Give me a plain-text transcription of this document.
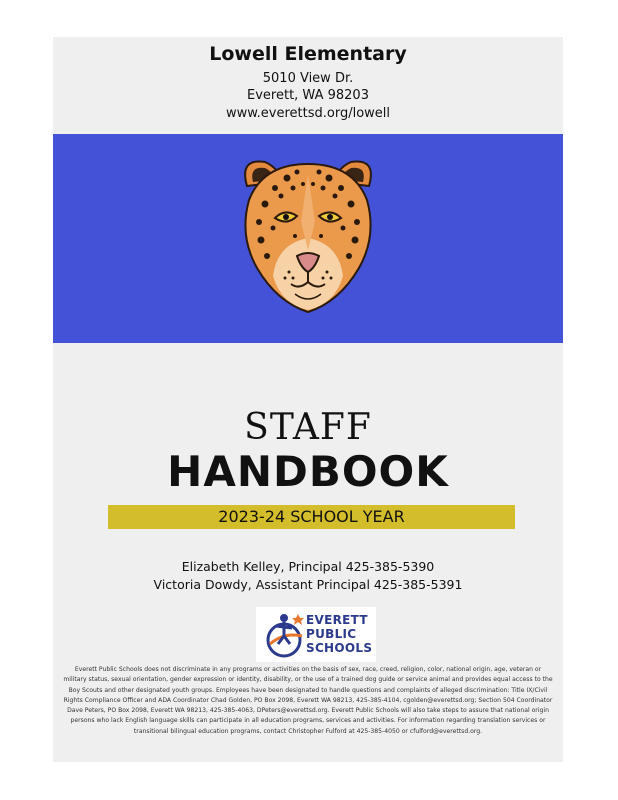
Lowell Elementary
5010 View Dr.
Everett, WA 98203
www.everettsd.org/lowell
STAFF
HANDBOOK
2023-24 SCHOOL YEAR
Elizabeth Kelley, Principal 425-385-5390
Victoria Dowdy, Assistant Principal 425-385-5391
EVERETT
PUBLIC
SCHOOLS
Everett Public Schools does not discriminate in any programs or activities on the basis of sex, race, creed, religion, color, national origin, age, veteran or military status, sexual orientation, gender expression or identity, disability, or the use of a trained dog guide or service animal and provides equal access to the Boy Scouts and other designated youth groups. Employees have been designated to handle questions and complaints of alleged discrimination: Title IX/Civil Rights Compliance Officer and ADA Coordinator Chad Golden, PO Box 2098, Everett WA 98213, 425-385-4104, cgolden@everettsd.org; Section 504 Coordinator Dave Peters, PO Box 2098, Everett WA 98213, 425-385-4063, DPeters@everettsd.org. Everett Public Schools will also take steps to assure that national origin persons who lack English language skills can participate in all education programs, services and activities. For information regarding translation services or transitional bilingual education programs, contact Christopher Fulford at 425-385-4050 or cfulford@everettsd.org.
